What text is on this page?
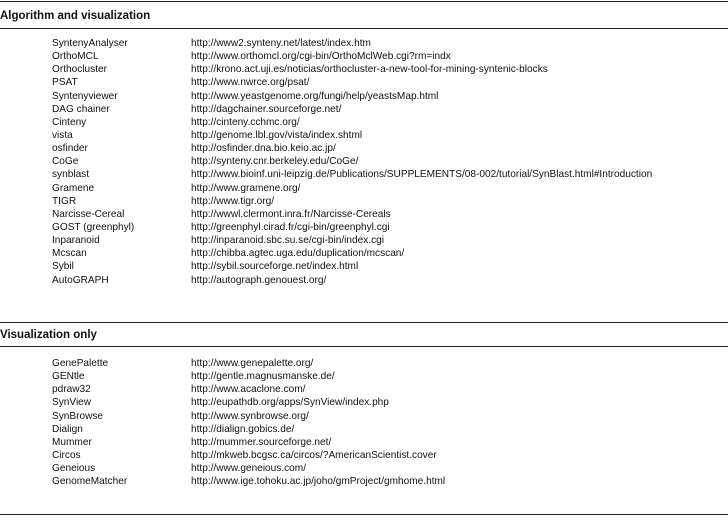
Algorithm and visualization
SyntenyAnalyser	http://www2.synteny.net/latest/index.htm
OrthoMCL	http://www.orthomcl.org/cgi-bin/OrthoMclWeb.cgi?rm=indx
Orthocluster	http://krono.act.uji.es/noticias/orthocluster-a-new-tool-for-mining-syntenic-blocks
PSAT	http://www.nwrce.org/psat/
Syntenyviewer	http://www.yeastgenome.org/fungi/help/yeastsMap.html
DAG chainer	http://dagchainer.sourceforge.net/
Cinteny	http://cinteny.cchmc.org/
vista	http://genome.lbl.gov/vista/index.shtml
osfinder	http://osfinder.dna.bio.keio.ac.jp/
CoGe	http://synteny.cnr.berkeley.edu/CoGe/
synblast	http://www.bioinf.uni-leipzig.de/Publications/SUPPLEMENTS/08-002/tutorial/SynBlast.html#Introduction
Gramene	http://www.gramene.org/
TIGR	http://www.tigr.org/
Narcisse-Cereal	http://wwwl.clermont.inra.fr/Narcisse-Cereals
GOST (greenphyl)	http://greenphyl.cirad.fr/cgi-bin/greenphyl.cgi
Inparanoid	http://inparanoid.sbc.su.se/cgi-bin/index.cgi
Mcscan	http://chibba.agtec.uga.edu/duplication/mcscan/
Sybil	http://sybil.sourceforge.net/index.html
AutoGRAPH	http://autograph.genouest.org/
Visualization only
GenePalette	http://www.genepalette.org/
GENtle	http://gentle.magnusmanske.de/
pdraw32	http://www.acaclone.com/
SynView	http://eupathdb.org/apps/SynView/index.php
SynBrowse	http://www.synbrowse.org/
Dialign	http://dialign.gobics.de/
Mummer	http://mummer.sourceforge.net/
Circos	http://mkweb.bcgsc.ca/circos/?AmericanScientist.cover
Geneious	http://www.geneious.com/
GenomeMatcher	http://www.ige.tohoku.ac.jp/joho/gmProject/gmhome.html
